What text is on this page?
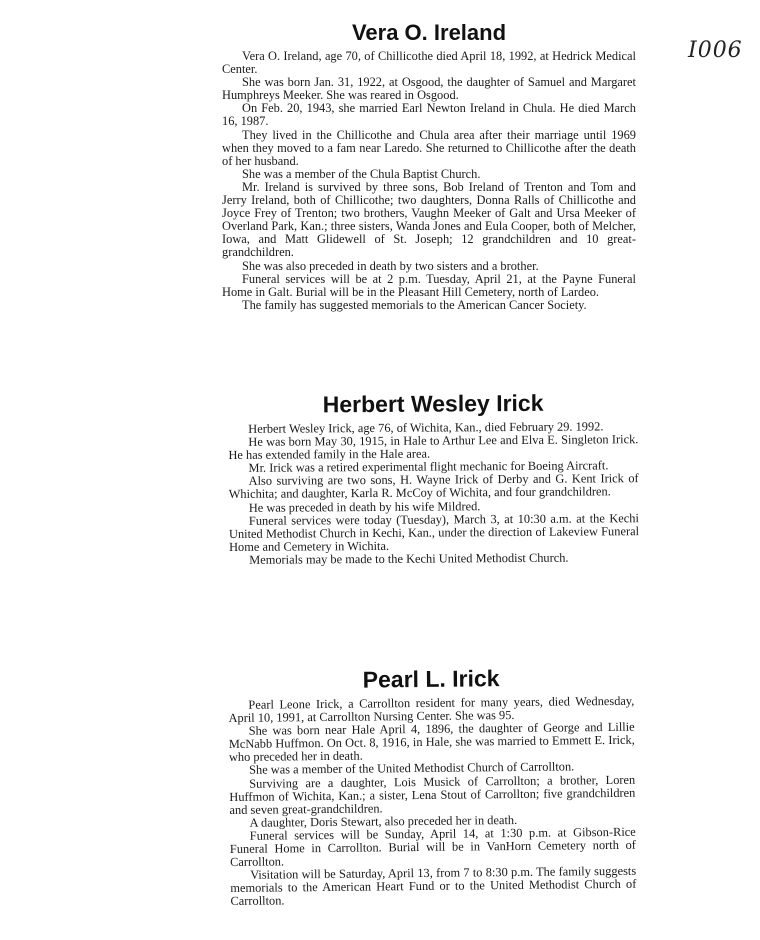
I006
Vera O. Ireland

Vera O. Ireland, age 70, of Chillicothe died April 18, 1992, at Hedrick Medical Center.

She was born Jan. 31, 1922, at Osgood, the daughter of Samuel and Margaret Humphreys Meeker. She was reared in Osgood.

On Feb. 20, 1943, she married Earl Newton Ireland in Chula. He died March 16, 1987.

They lived in the Chillicothe and Chula area after their marriage until 1969 when they moved to a fam near Laredo. She returned to Chillicothe after the death of her husband.

She was a member of the Chula Baptist Church.

Mr. Ireland is survived by three sons, Bob Ireland of Trenton and Tom and Jerry Ireland, both of Chillicothe; two daughters, Donna Ralls of Chillicothe and Joyce Frey of Trenton; two brothers, Vaughn Meeker of Galt and Ursa Meeker of Overland Park, Kan.; three sisters, Wanda Jones and Eula Cooper, both of Melcher, Iowa, and Matt Glidewell of St. Joseph; 12 grandchildren and 10 great-grandchildren.

She was also preceded in death by two sisters and a brother.

Funeral services will be at 2 p.m. Tuesday, April 21, at the Payne Funeral Home in Galt. Burial will be in the Pleasant Hill Cemetery, north of Lardeo.

The family has suggested memorials to the American Cancer Society.

Herbert Wesley Irick

Herbert Wesley Irick, age 76, of Wichita, Kan., died February 29. 1992.

He was born May 30, 1915, in Hale to Arthur Lee and Elva E. Singleton Irick. He has extended family in the Hale area.

Mr. Irick was a retired experimental flight mechanic for Boeing Aircraft.

Also surviving are two sons, H. Wayne Irick of Derby and G. Kent Irick of Whichita; and daughter, Karla R. McCoy of Wichita, and four grandchildren.

He was preceded in death by his wife Mildred.

Funeral services were today (Tuesday), March 3, at 10:30 a.m. at the Kechi United Methodist Church in Kechi, Kan., under the direction of Lakeview Funeral Home and Cemetery in Wichita.

Memorials may be made to the Kechi United Methodist Church.

Pearl L. Irick

Pearl Leone Irick, a Carrollton resident for many years, died Wednesday, April 10, 1991, at Carrollton Nursing Center. She was 95.

She was born near Hale April 4, 1896, the daughter of George and Lillie McNabb Huffmon. On Oct. 8, 1916, in Hale, she was married to Emmett E. Irick, who preceded her in death.

She was a member of the United Methodist Church of Carrollton.

Surviving are a daughter, Lois Musick of Carrollton; a brother, Loren Huffmon of Wichita, Kan.; a sister, Lena Stout of Carrollton; five grandchildren and seven great-grandchildren.

A daughter, Doris Stewart, also preceded her in death.

Funeral services will be Sunday, April 14, at 1:30 p.m. at Gibson-Rice Funeral Home in Carrollton. Burial will be in VanHorn Cemetery north of Carrollton.

Visitation will be Saturday, April 13, from 7 to 8:30 p.m. The family suggests memorials to the American Heart Fund or to the United Methodist Church of Carrollton.
